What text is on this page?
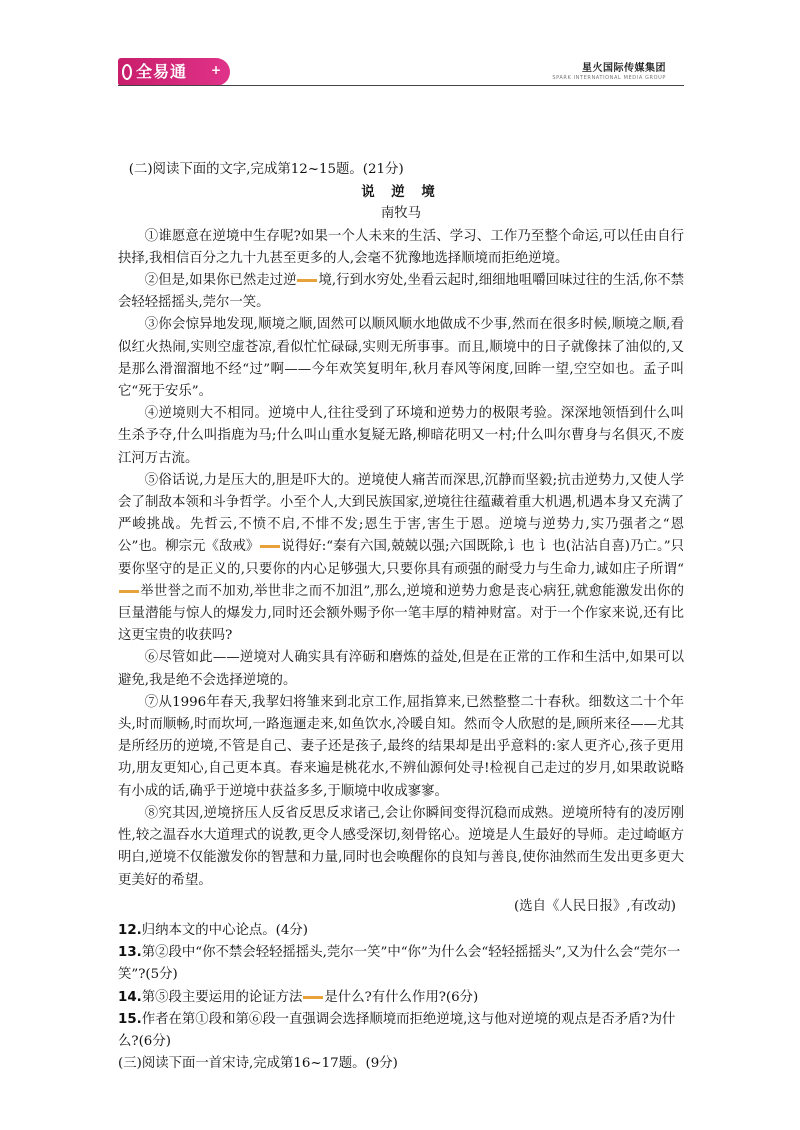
全易通 +	星火国际传媒集团
SPARK INTERNATIONAL MEDIA GROUP

(二)阅读下面的文字,完成第12~15题。(21分)

说 逆 境

南牧马

①谁愿意在逆境中生存呢?如果一个人未来的生活、学习、工作乃至整个命运,可以任由自行抉择,我相信百分之九十九甚至更多的人,会毫不犹豫地选择顺境而拒绝逆境。

②但是,如果你已然走过逆 境,行到水穷处,坐看云起时,细细地咀嚼回味过往的生活,你不禁会轻轻摇摇头,莞尔一笑。

③你会惊异地发现,顺境之顺,固然可以顺风顺水地做成不少事,然而在很多时候,顺境之顺,看似红火热闹,实则空虚苍凉,看似忙忙碌碌,实则无所事事。而且,顺境中的日子就像抹了油似的,又是那么滑溜溜地不经“过”啊——今年欢笑复明年,秋月春风等闲度,回眸一望,空空如也。孟子叫它“死于安乐”。

④逆境则大不相同。逆境中人,往往受到了环境和逆势力的极限考验。深深地领悟到什么叫生杀予夺,什么叫指鹿为马;什么叫山重水复疑无路,柳暗花明又一村;什么叫尔曹身与名俱灭,不废江河万古流。

⑤俗话说,力是压大的,胆是吓大的。逆境使人痛苦而深思,沉静而坚毅;抗击逆势力,又使人学会了制敌本领和斗争哲学。小至个人,大到民族国家,逆境往往蕴藏着重大机遇,机遇本身又充满了严峻挑战。先哲云,不愤不启,不悱不发;恩生于害,害生于恩。逆境与逆势力,实乃强者之“恩公”也。柳宗元《敌戒》 说得好:“秦有六国,兢兢以强;六国既除,讠也 讠也(沾沾自喜)乃亡。”只要你坚守的是正义的,只要你的内心足够强大,只要你具有顽强的耐受力与生命力,诚如庄子所谓“举世誉之而不加劝,举世非之而不加沮”,那么,逆境和逆势力愈是丧心病狂,就愈能激发出你的巨量潜能与惊人的爆发力,同时还会额外赐予你一笔丰厚的精神财富。对于一个作家来说,还有比这更宝贵的收获吗?

⑥尽管如此——逆境对人确实具有淬砺和磨炼的益处,但是在正常的工作和生活中,如果可以避免,我是绝不会选择逆境的。

⑦从1996年春天,我挈妇将雏来到北京工作,屈指算来,已然整整二十春秋。细数这二十个年头,时而顺畅,时而坎坷,一路迤逦走来,如鱼饮水,冷暖自知。然而令人欣慰的是,顾所来径——尤其是所经历的逆境,不管是自己、妻子还是孩子,最终的结果却是出乎意料的:家人更齐心,孩子更用功,朋友更知心,自己更本真。春来遍是桃花水,不辨仙源何处寻!检视自己走过的岁月,如果敢说略有小成的话,确乎于逆境中获益多多,于顺境中收成寥寥。

⑧究其因,逆境挤压人反省反思反求诸己,会让你瞬间变得沉稳而成熟。逆境所特有的凌厉刚性,较之温吞水大道理式的说教,更令人感受深切,刻骨铭心。逆境是人生最好的导师。走过崎岖方明白,逆境不仅能激发你的智慧和力量,同时也会唤醒你的良知与善良,使你油然而生发出更多更大更美好的希望。

(选自《人民日报》,有改动)

12.归纳本文的中心论点。(4分)

13.第②段中“你不禁会轻轻摇摇头,莞尔一笑”中“你”为什么会“轻轻摇摇头”,又为什么会“莞尔一笑”?(5分)

14.第⑤段主要运用的论证方法 是什么?有什么作用?(6分)

15.作者在第①段和第⑥段一直强调会选择顺境而拒绝逆境,这与他对逆境的观点是否矛盾?为什么?(6分)

(三)阅读下面一首宋诗,完成第16~17题。(9分)
